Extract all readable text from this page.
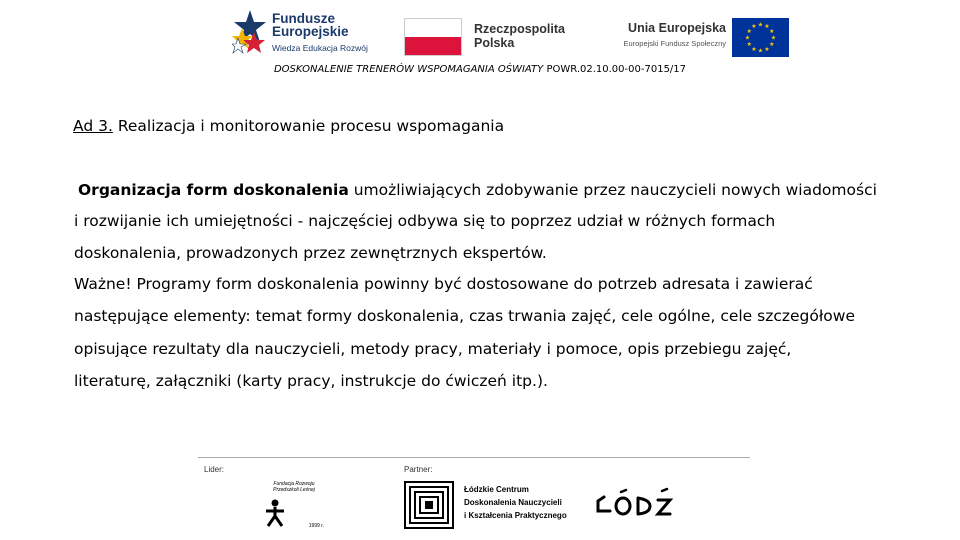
Fundusze
Europejskie
Wiedza Edukacja Rozwój
Rzeczpospolita
Polska
Unia Europejska
Europejski Fundusz Społeczny
★
★
★
★
★
★
★
★
★ ★ ★
★
DOSKONALENIE TRENERÓW WSPOMAGANIA OŚWIATY POWR.02.10.00-00-7015/17
Ad 3. Realizacja i monitorowanie procesu wspomagania
Organizacja form doskonalenia umożliwiających zdobywanie przez nauczycieli nowych wiadomości
i rozwijanie ich umiejętności - najczęściej odbywa się to poprzez udział w różnych formach
doskonalenia, prowadzonych przez zewnętrznych ekspertów.
Ważne! Programy form doskonalenia powinny być dostosowane do potrzeb adresata i zawierać
następujące elementy: temat formy doskonalenia, czas trwania zajęć, cele ogólne, cele szczegółowe
opisujące rezultaty dla nauczycieli, metody pracy, materiały i pomoce, opis przebiegu zajęć,
literaturę, załączniki (karty pracy, instrukcje do ćwiczeń itp.).
Lider:	Partner:
Fundacja Rozwoju Przedszkoli Leśnej
1999 r.
Łódzkie Centrum
Doskonalenia Nauczycieli
i Kształcenia Praktycznego
